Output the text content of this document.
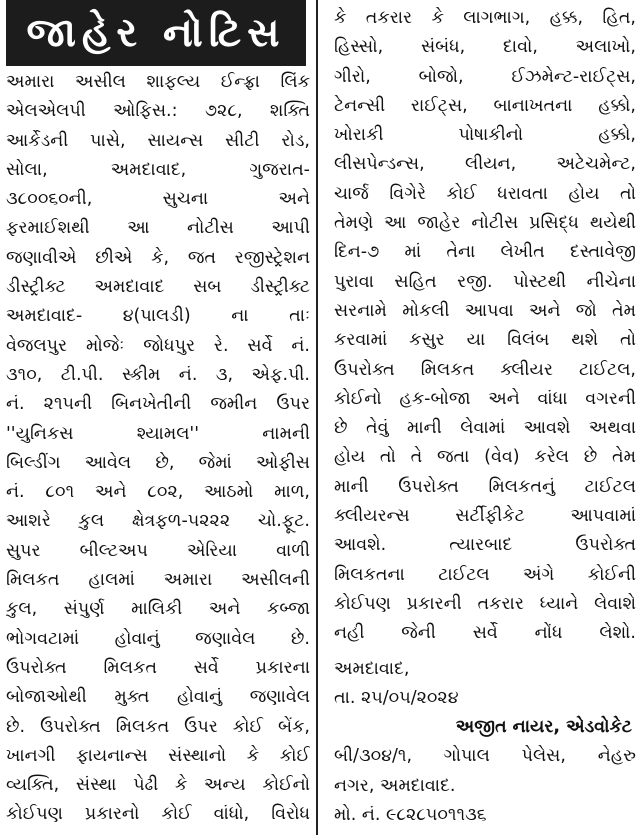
જાહેર નોટિસ
અમારા અસીલ શાફલ્ય ઈન્ફ્રા લિંક
એલએલપી ઓફિસ.: ૭૨૮, શક્તિ
આર્કેડની પાસે, સાયન્સ સીટી રોડ,
સોલા, અમદાવાદ, ગુજરાત-
૩૮૦૦૬૦ની, સુચના અને
ફરમાઈશથી આ નોટીસ આપી
જણાવીએ છીએ કે, જત રજીસ્ટ્રેશન
ડીસ્ટ્રીક્ટ અમદાવાદ સબ ડીસ્ટ્રીક્ટ
અમદાવાદ- ૪(પાલડી) ના તાઃ
વેજલપુર મોજેઃ જોધપુર રે. સર્વે નં.
૩૧૦, ટી.પી. સ્કીમ નં. ૩, એફ.પી.
નં. ૨૧૫ની બિનખેતીની જમીન ઉપર
''યુનિકસ શ્યામલ'' નામની
બિલ્ડીંગ આવેલ છે, જેમાં ઓફીસ
નં. ૮૦૧ અને ૮૦૨, આઠમો માળ,
આશરે કુલ ક્ષેત્રફળ-૫૨૨૨ ચો.ફૂટ.
સુપર બીલ્ટઅપ એરિયા વાળી
મિલકત હાલમાં અમારા અસીલની
કુલ, સંપુર્ણ માલિકી અને કબ્જા
ભોગવટામાં હોવાનું જણાવેલ છે.
ઉપરોક્ત મિલકત સર્વે પ્રકારના
બોજાઓથી મુક્ત હોવાનું જણાવેલ
છે. ઉપરોક્ત મિલકત ઉપર કોઈ બેંક,
ખાનગી ફાયનાન્સ સંસ્થાનો કે કોઈ
વ્યક્તિ, સંસ્થા પેઢી કે અન્ય કોઈનો
કોઈપણ પ્રકારનો કોઈ વાંધો, વિરોધ
કે તકરાર કે લાગભાગ, હક્ક, હિત,
હિસ્સો, સંબંધ, દાવો, અલાખો,
ગીરો, બોજો, ઈઝમેન્ટ-રાઈટ્સ,
ટેનન્સી રાઈટ્સ, બાનાખતના હક્કો,
ખોરાકી પોષાકીનો હક્કો,
લીસપેન્ડન્સ, લીયન, અટેચમેન્ટ,
ચાર્જ વિગેરે કોઈ ધરાવતા હોય તો
તેમણે આ જાહેર નોટીસ પ્રસિદ્ધ થયેથી
દિન-૭ માં તેના લેખીત દસ્તાવેજી
પુરાવા સહિત રજી. પોસ્ટથી નીચેના
સરનામે મોકલી આપવા અને જો તેમ
કરવામાં કસુર યા વિલંબ થશે તો
ઉપરોક્ત મિલકત ક્લીયર ટાઈટલ,
કોઈનો હક-બોજા અને વાંધા વગરની
છે તેવું માની લેવામાં આવશે અથવા
હોય તો તે જતા (વેવ) કરેલ છે તેમ
માની ઉપરોક્ત મિલકતનું ટાઈટલ
ક્લીયરન્સ સર્ટીફીકેટ આપવામાં
આવશે. ત્યારબાદ ઉપરોક્ત
મિલકતના ટાઈટલ અંગે કોઈની
કોઈપણ પ્રકારની તકરાર ધ્યાને લેવાશે
નહી જેની સર્વે નોંધ લેશો.
અમદાવાદ,
તા. ૨૫/૦૫/૨૦૨૪
અજીત નાયર, એડવોકેટ
બી/૩૦૪/૧, ગોપાલ પેલેસ, નેહરુ
નગર, અમદાવાદ.
મો. નં. ૯૮૨૮૫૦૧૧૩૬
